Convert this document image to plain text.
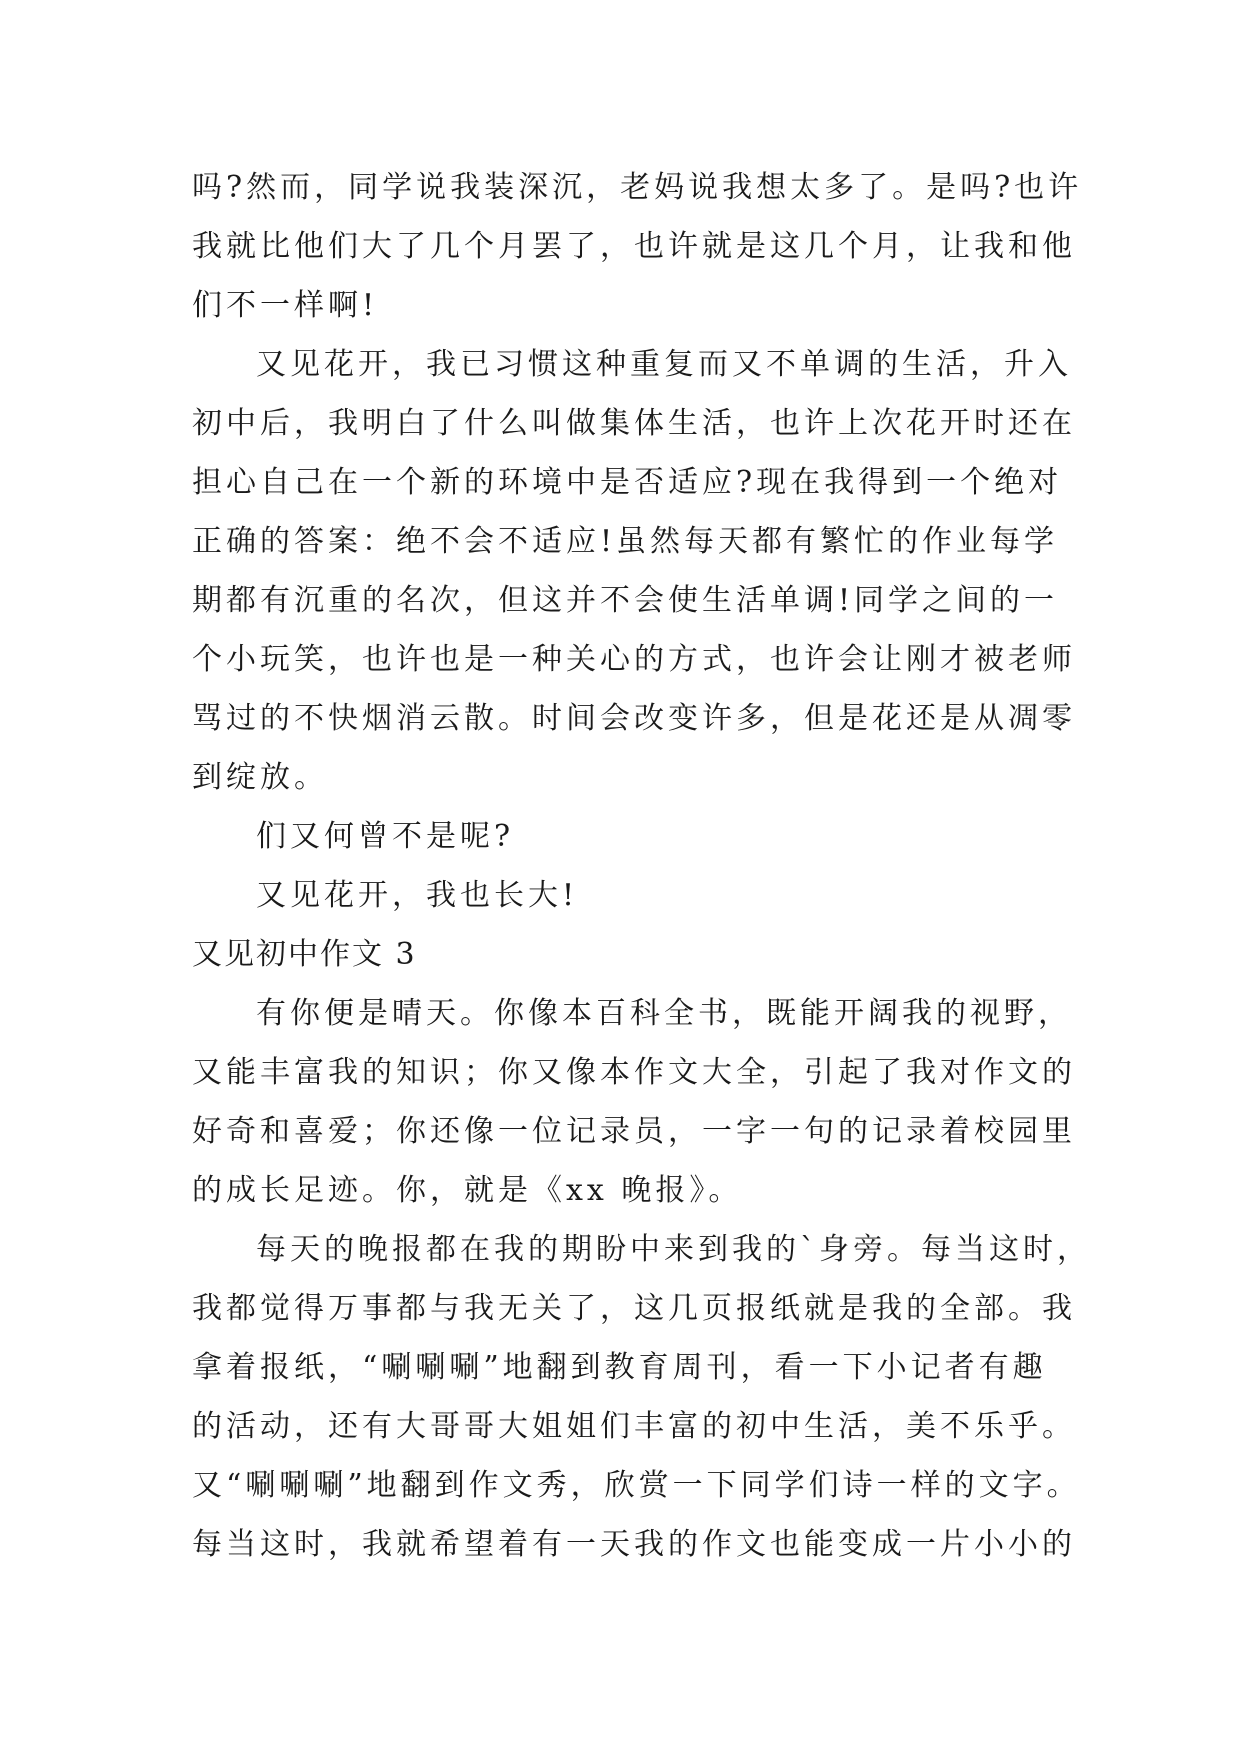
吗?然而，同学说我装深沉，老妈说我想太多了。是吗?也许
我就比他们大了几个月罢了，也许就是这几个月，让我和他
们不一样啊!
又见花开，我已习惯这种重复而又不单调的生活，升入
初中后，我明白了什么叫做集体生活，也许上次花开时还在
担心自己在一个新的环境中是否适应?现在我得到一个绝对
正确的答案：绝不会不适应!虽然每天都有繁忙的作业每学
期都有沉重的名次，但这并不会使生活单调!同学之间的一
个小玩笑，也许也是一种关心的方式，也许会让刚才被老师
骂过的不快烟消云散。时间会改变许多，但是花还是从凋零
到绽放。
们又何曾不是呢?
又见花开，我也长大!
又见初中作文 3
有你便是晴天。你像本百科全书，既能开阔我的视野，
又能丰富我的知识；你又像本作文大全，引起了我对作文的
好奇和喜爱；你还像一位记录员，一字一句的记录着校园里
的成长足迹。你，就是《xx 晚报》。
每天的晚报都在我的期盼中来到我的`身旁。每当这时，
我都觉得万事都与我无关了，这几页报纸就是我的全部。我
拿着报纸，“唰唰唰”地翻到教育周刊，看一下小记者有趣
的活动，还有大哥哥大姐姐们丰富的初中生活，美不乐乎。
又“唰唰唰”地翻到作文秀，欣赏一下同学们诗一样的文字。
每当这时，我就希望着有一天我的作文也能变成一片小小的
